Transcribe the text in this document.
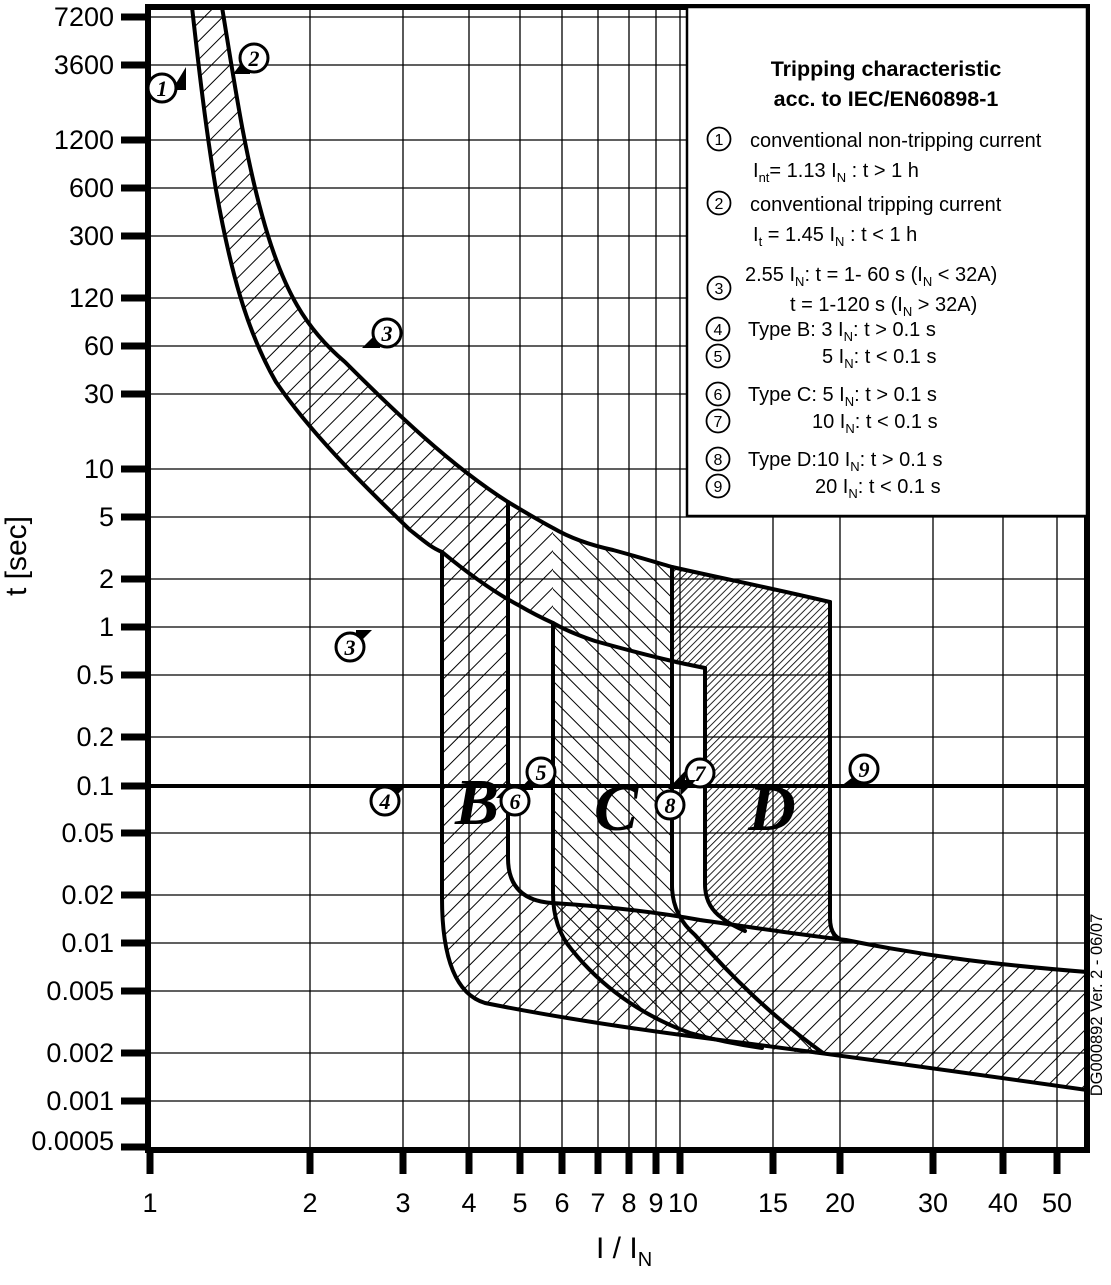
7200
3600
1200
600
300
120
60
30
10
5
2
1
0.5
0.2
0.1
0.05
0.02
0.01
0.005
0.002
0.001
0.0005
1	2	3 4 5 6 7 8 9 10 15 20 30 40 50
t [sec]
I / $I_N$
Tripping characteristic
acc. to IEC/EN60898-1
1 conventional non-tripping current
$I_{nt}= 1.13$ $I_N$ : t > 1 h
2 conventional tripping current
$I_t = 1.45$ $I_N$ : t < 1 h
3
2.55 $I_N$: t = 1- 60 s $(I_N < 32A)$
t = 1-120 s $(I_N > 32A)$
4 Type B: 3 $I_N$: t > 0.1 s
5	5 $I_N$: t < 0.1 s
6 Type C: 5 $I_N$: t > 0.1 s
7	10 $I_N$: t < 0.1 s
8 Type D:10 $I_N$: t > 0.1 s
9	20 $I_N$: t < 0.1 s
1
2
3
3
4
5
6
7
8
9
B C D
DG000892 Ver. 2 - 06/07
